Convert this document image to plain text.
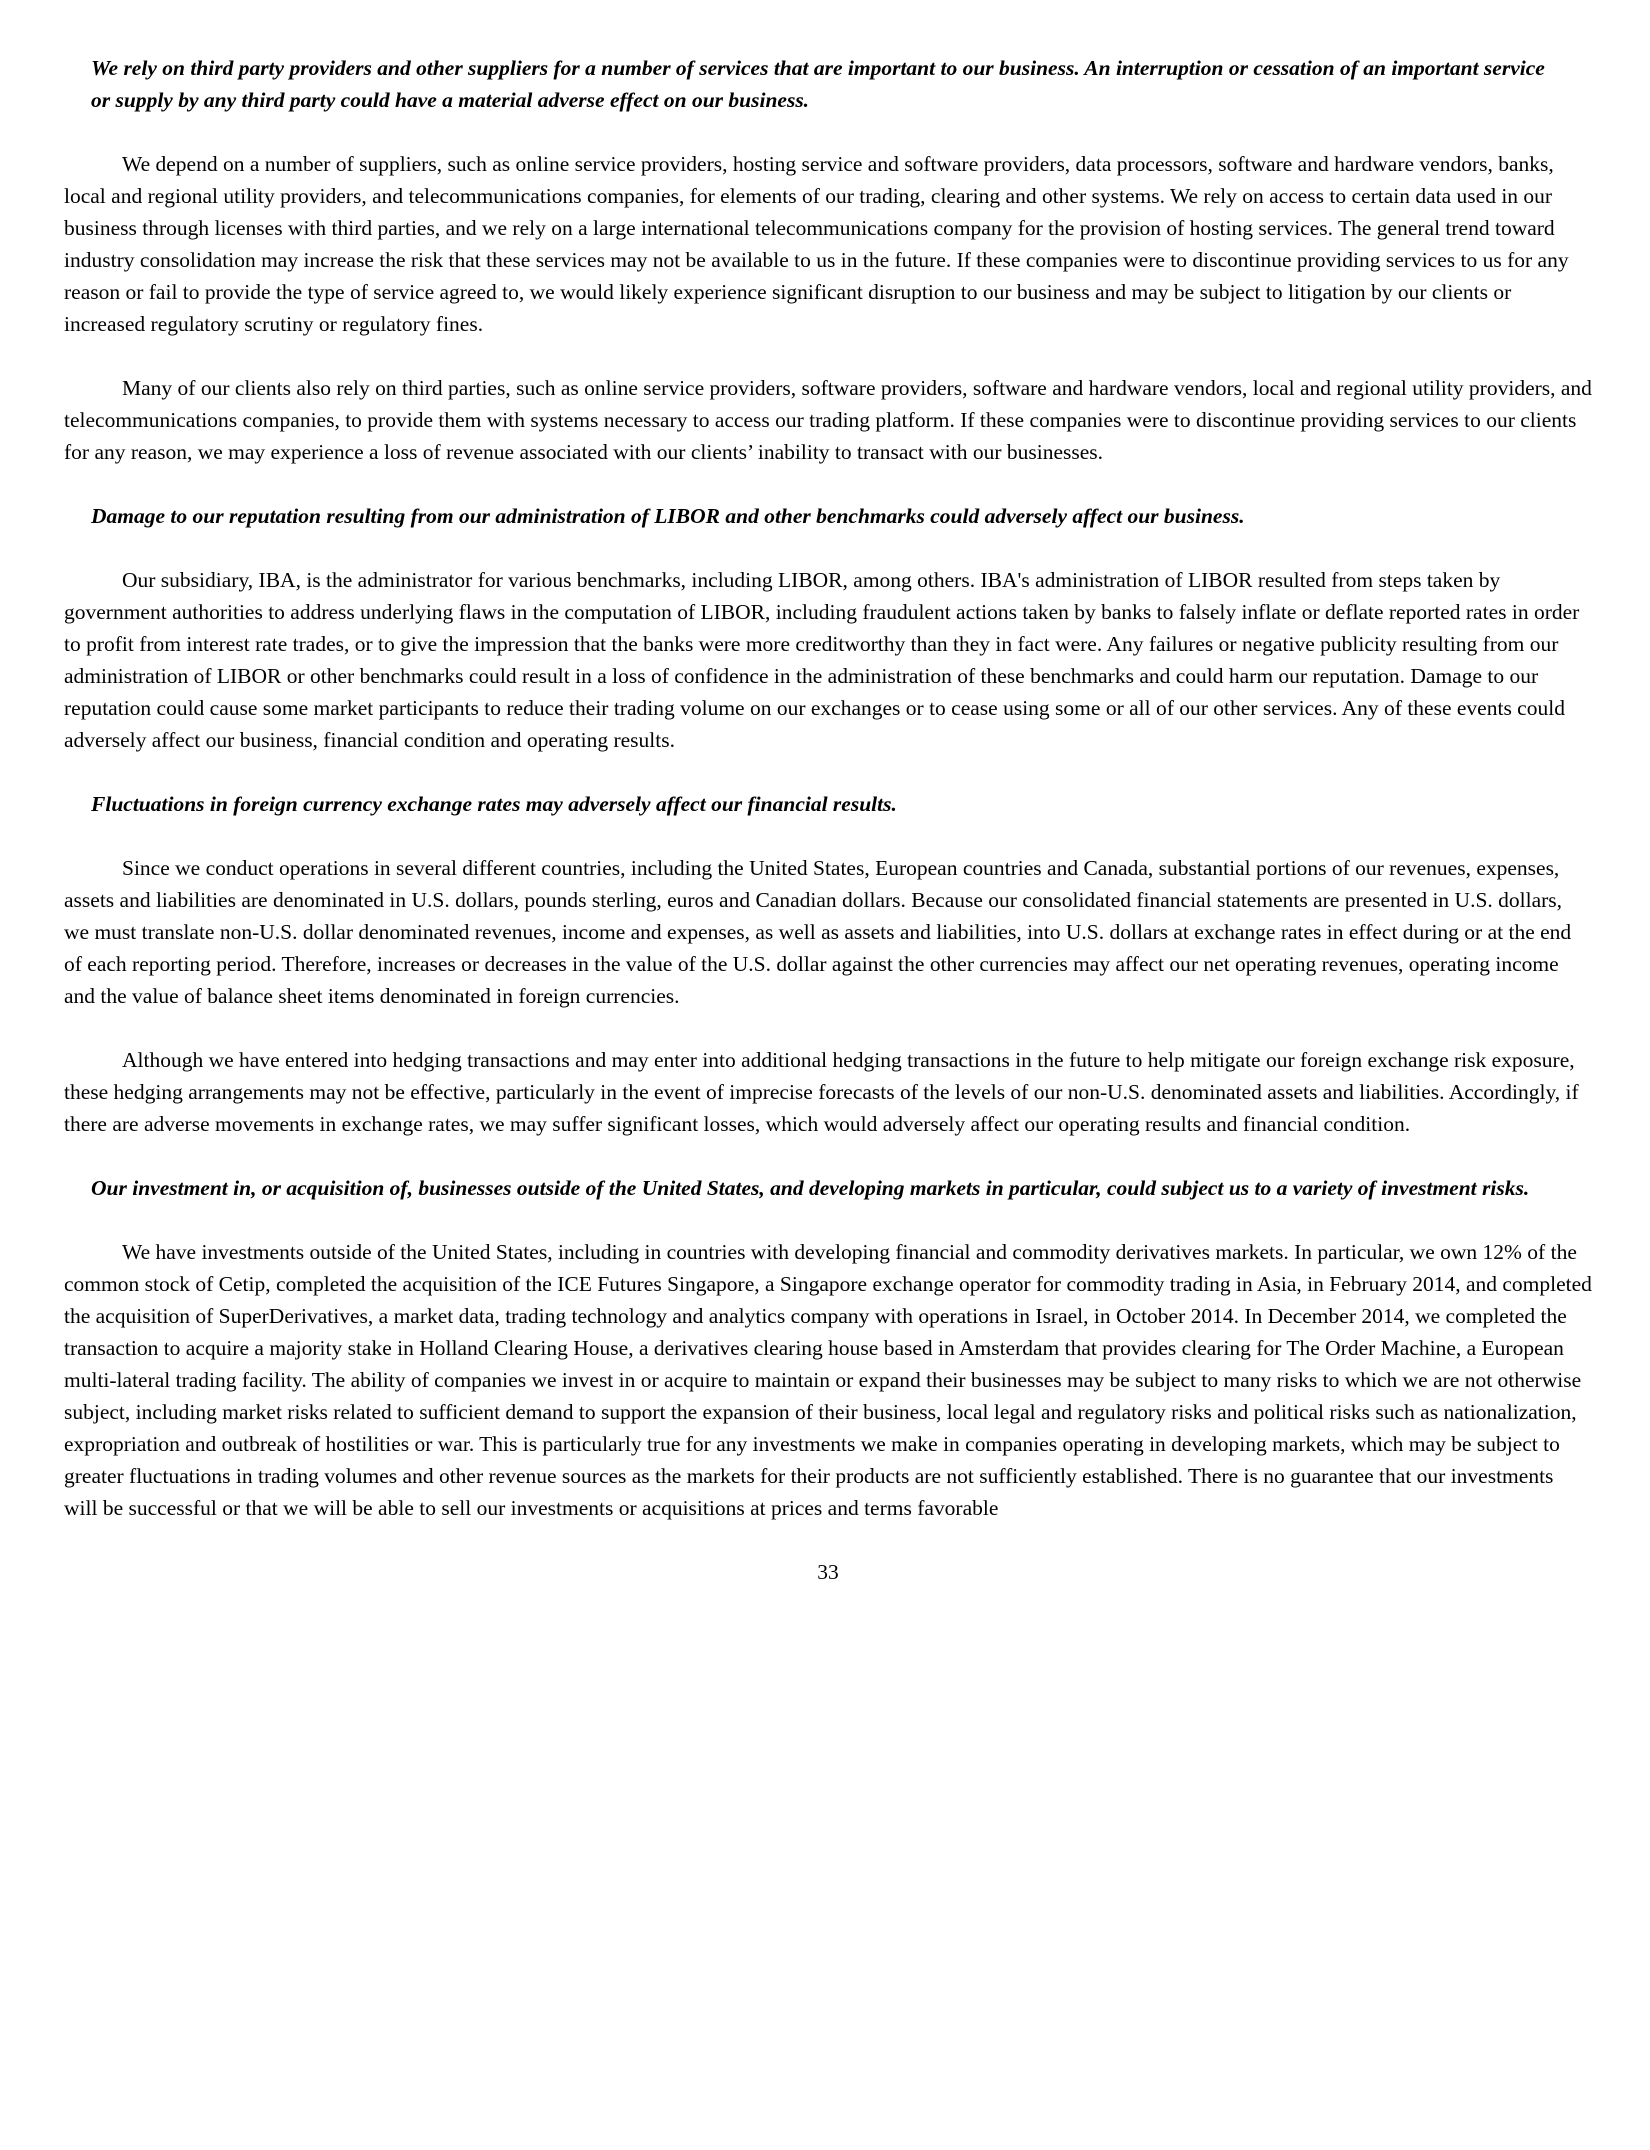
We rely on third party providers and other suppliers for a number of services that are important to our business. An interruption or cessation of an important service or supply by any third party could have a material adverse effect on our business.

We depend on a number of suppliers, such as online service providers, hosting service and software providers, data processors, software and hardware vendors, banks, local and regional utility providers, and telecommunications companies, for elements of our trading, clearing and other systems. We rely on access to certain data used in our business through licenses with third parties, and we rely on a large international telecommunications company for the provision of hosting services. The general trend toward industry consolidation may increase the risk that these services may not be available to us in the future. If these companies were to discontinue providing services to us for any reason or fail to provide the type of service agreed to, we would likely experience significant disruption to our business and may be subject to litigation by our clients or increased regulatory scrutiny or regulatory fines.

Many of our clients also rely on third parties, such as online service providers, software providers, software and hardware vendors, local and regional utility providers, and telecommunications companies, to provide them with systems necessary to access our trading platform. If these companies were to discontinue providing services to our clients for any reason, we may experience a loss of revenue associated with our clients’ inability to transact with our businesses.

Damage to our reputation resulting from our administration of LIBOR and other benchmarks could adversely affect our business.

Our subsidiary, IBA, is the administrator for various benchmarks, including LIBOR, among others. IBA's administration of LIBOR resulted from steps taken by government authorities to address underlying flaws in the computation of LIBOR, including fraudulent actions taken by banks to falsely inflate or deflate reported rates in order to profit from interest rate trades, or to give the impression that the banks were more creditworthy than they in fact were. Any failures or negative publicity resulting from our administration of LIBOR or other benchmarks could result in a loss of confidence in the administration of these benchmarks and could harm our reputation. Damage to our reputation could cause some market participants to reduce their trading volume on our exchanges or to cease using some or all of our other services. Any of these events could adversely affect our business, financial condition and operating results.

Fluctuations in foreign currency exchange rates may adversely affect our financial results.

Since we conduct operations in several different countries, including the United States, European countries and Canada, substantial portions of our revenues, expenses, assets and liabilities are denominated in U.S. dollars, pounds sterling, euros and Canadian dollars. Because our consolidated financial statements are presented in U.S. dollars, we must translate non-U.S. dollar denominated revenues, income and expenses, as well as assets and liabilities, into U.S. dollars at exchange rates in effect during or at the end of each reporting period. Therefore, increases or decreases in the value of the U.S. dollar against the other currencies may affect our net operating revenues, operating income and the value of balance sheet items denominated in foreign currencies.

Although we have entered into hedging transactions and may enter into additional hedging transactions in the future to help mitigate our foreign exchange risk exposure, these hedging arrangements may not be effective, particularly in the event of imprecise forecasts of the levels of our non-U.S. denominated assets and liabilities. Accordingly, if there are adverse movements in exchange rates, we may suffer significant losses, which would adversely affect our operating results and financial condition.

Our investment in, or acquisition of, businesses outside of the United States, and developing markets in particular, could subject us to a variety of investment risks.

We have investments outside of the United States, including in countries with developing financial and commodity derivatives markets. In particular, we own 12% of the common stock of Cetip, completed the acquisition of the ICE Futures Singapore, a Singapore exchange operator for commodity trading in Asia, in February 2014, and completed the acquisition of SuperDerivatives, a market data, trading technology and analytics company with operations in Israel, in October 2014. In December 2014, we completed the transaction to acquire a majority stake in Holland Clearing House, a derivatives clearing house based in Amsterdam that provides clearing for The Order Machine, a European multi-lateral trading facility. The ability of companies we invest in or acquire to maintain or expand their businesses may be subject to many risks to which we are not otherwise subject, including market risks related to sufficient demand to support the expansion of their business, local legal and regulatory risks and political risks such as nationalization, expropriation and outbreak of hostilities or war. This is particularly true for any investments we make in companies operating in developing markets, which may be subject to greater fluctuations in trading volumes and other revenue sources as the markets for their products are not sufficiently established. There is no guarantee that our investments will be successful or that we will be able to sell our investments or acquisitions at prices and terms favorable

33
